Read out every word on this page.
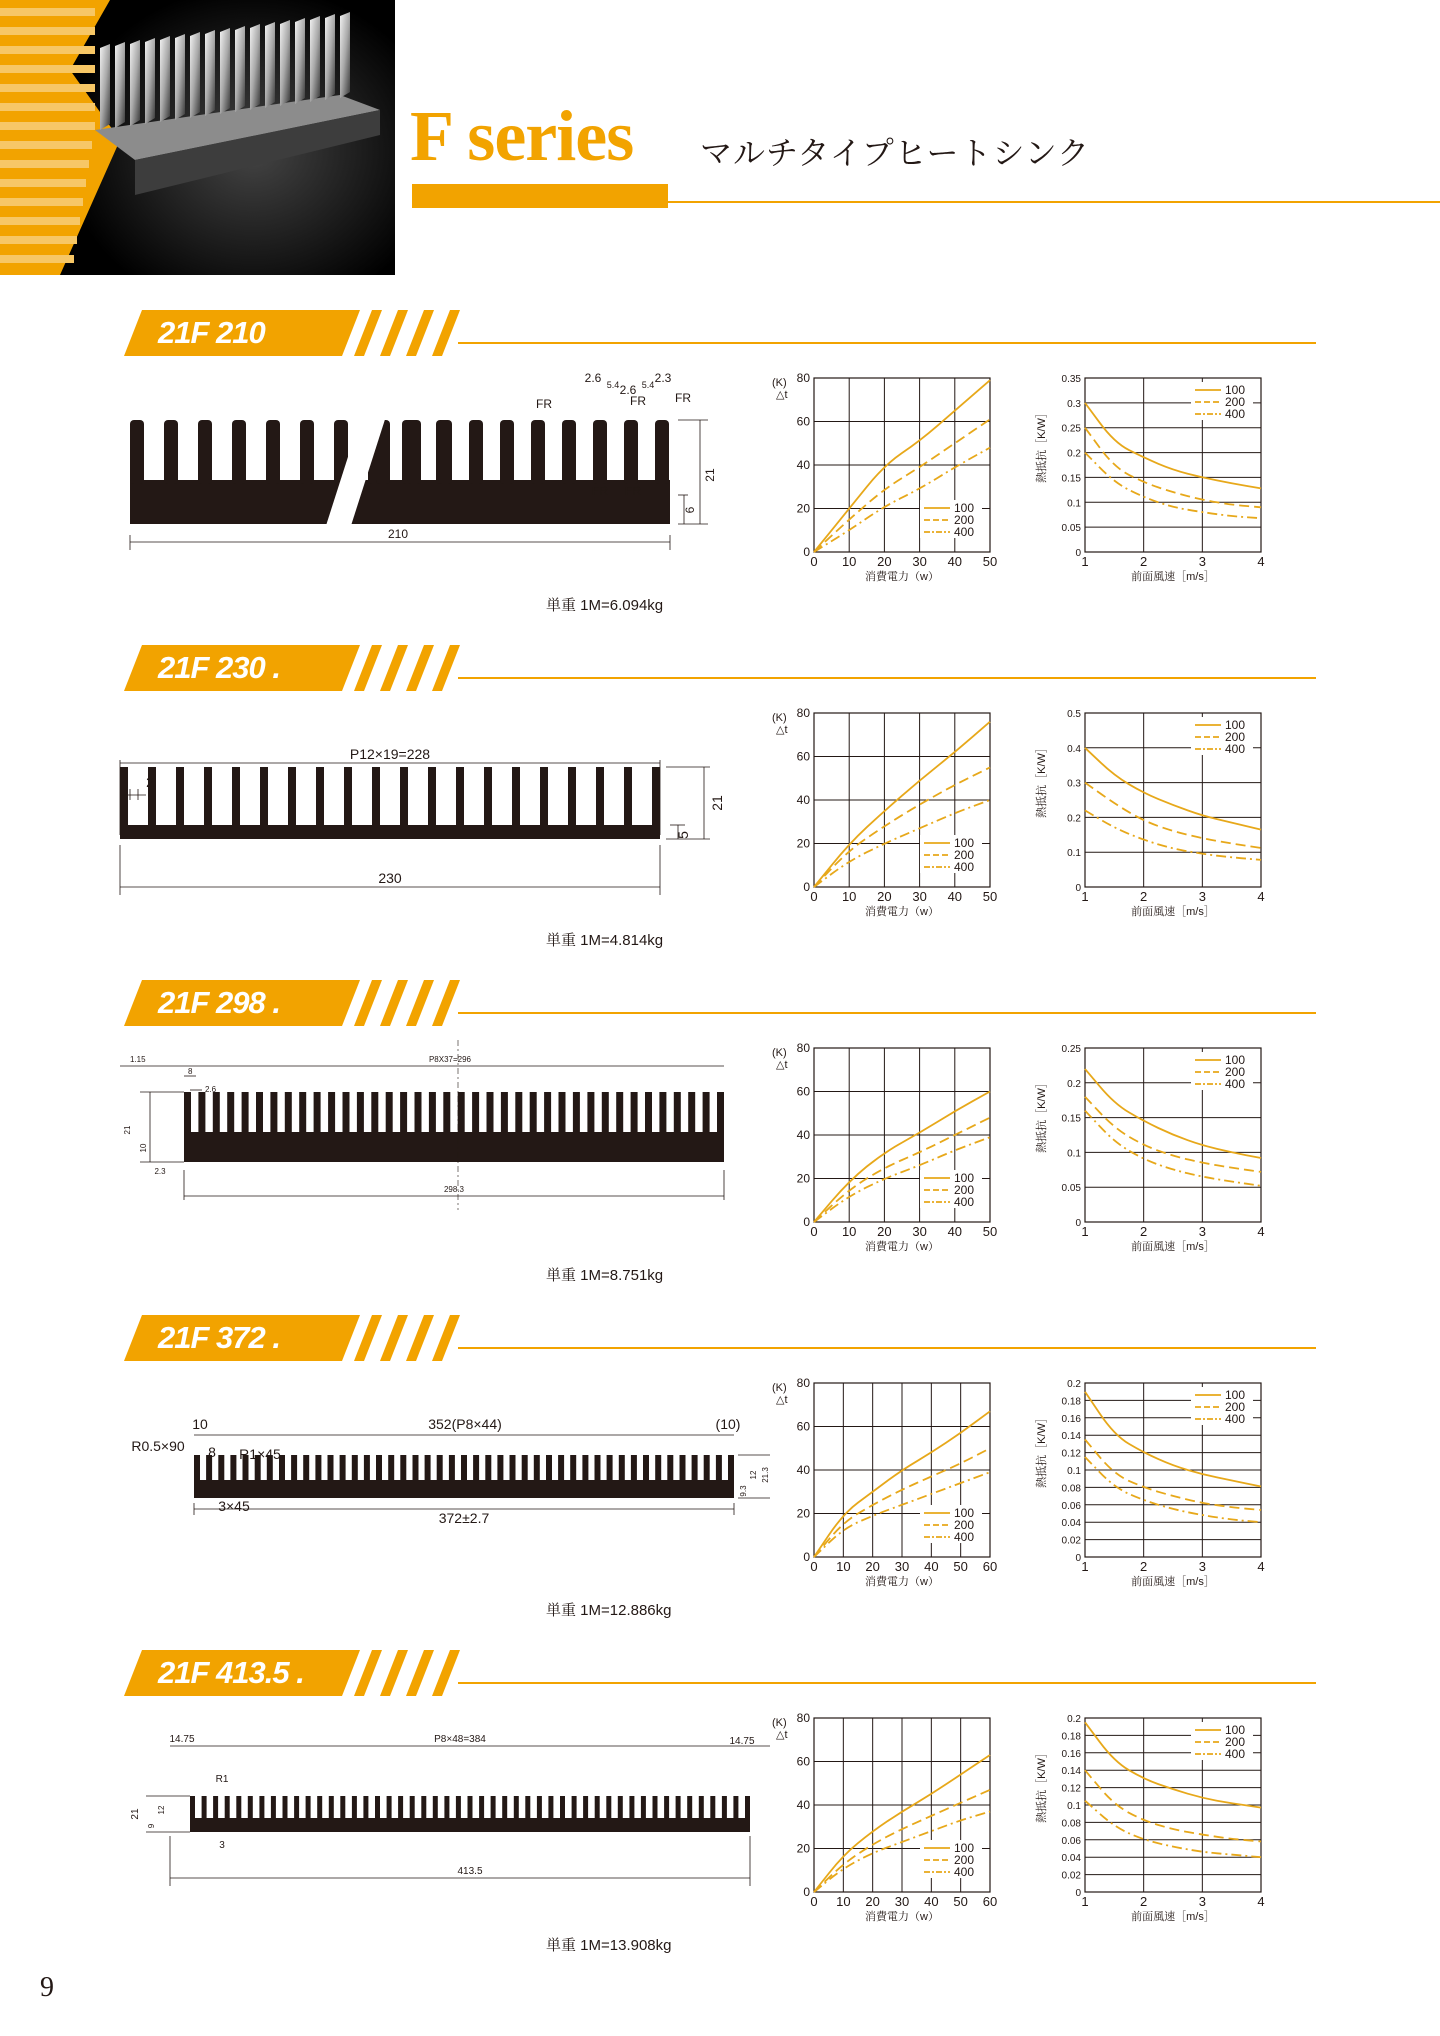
F series マルチタイプヒートシンク
21F 210
210
21
6
2.6 5.4 2.6 5.4 2.3
FR	FR FR
FR FR
0 10 20 30 40 50
0
20
40
60
80
消費電力（w）
(K)
△t
100
200
400
1	2	3	4
0
0.05
0.1
0.15
0.2
0.25
0.3
0.35
前面風速［m/s］
熱抵抗［K/W］
100
200
400
単重 1M=6.094kg
21F 230 .
P12×19=228
2
230
21
5
0 10 20 30 40 50
0
20
40
60
80
消費電力（w）
(K)
△t
100
200
400
1	2	3	4
0
0.1
0.2
0.3
0.4
0.5
前面風速［m/s］
熱抵抗［K/W］
100
200
400
単重 1M=4.814kg
21F 298 .
P8X37=296
1.15
8
2.6
21
10
2.3
298.3
0 10 20 30 40 50
0
20
40
60
80
消費電力（w）
(K)
△t
100
200
400
1	2	3	4
0
0.05
0.1
0.15
0.2
0.25
前面風速［m/s］
熱抵抗［K/W］
100
200
400
単重 1M=8.751kg
21F 372 .
10	352(P8×44)	(10)
R0.5×90 8 R1×45
3×45
372±2.7
9.3
12 21.3
0 10 20 30 40 50 60
0
20
40
60
80
消費電力（w）
(K)
△t
100
200
400
1	2	3	4
0
0.02
0.04
0.06
0.08
0.1
0.12
0.14
0.16
0.18
0.2
前面風速［m/s］
熱抵抗［K/W］
100
200
400
単重 1M=12.886kg
21F 413.5 .
14.75	P8×48=384	14.75
R1
21
9
12
3
413.5
0 10 20 30 40 50 60
0
20
40
60
80
消費電力（w）
(K)
△t
100
200
400
1	2	3	4
0
0.02
0.04
0.06
0.08
0.1
0.12
0.14
0.16
0.18
0.2
前面風速［m/s］
熱抵抗［K/W］
100
200
400
単重 1M=13.908kg
9
